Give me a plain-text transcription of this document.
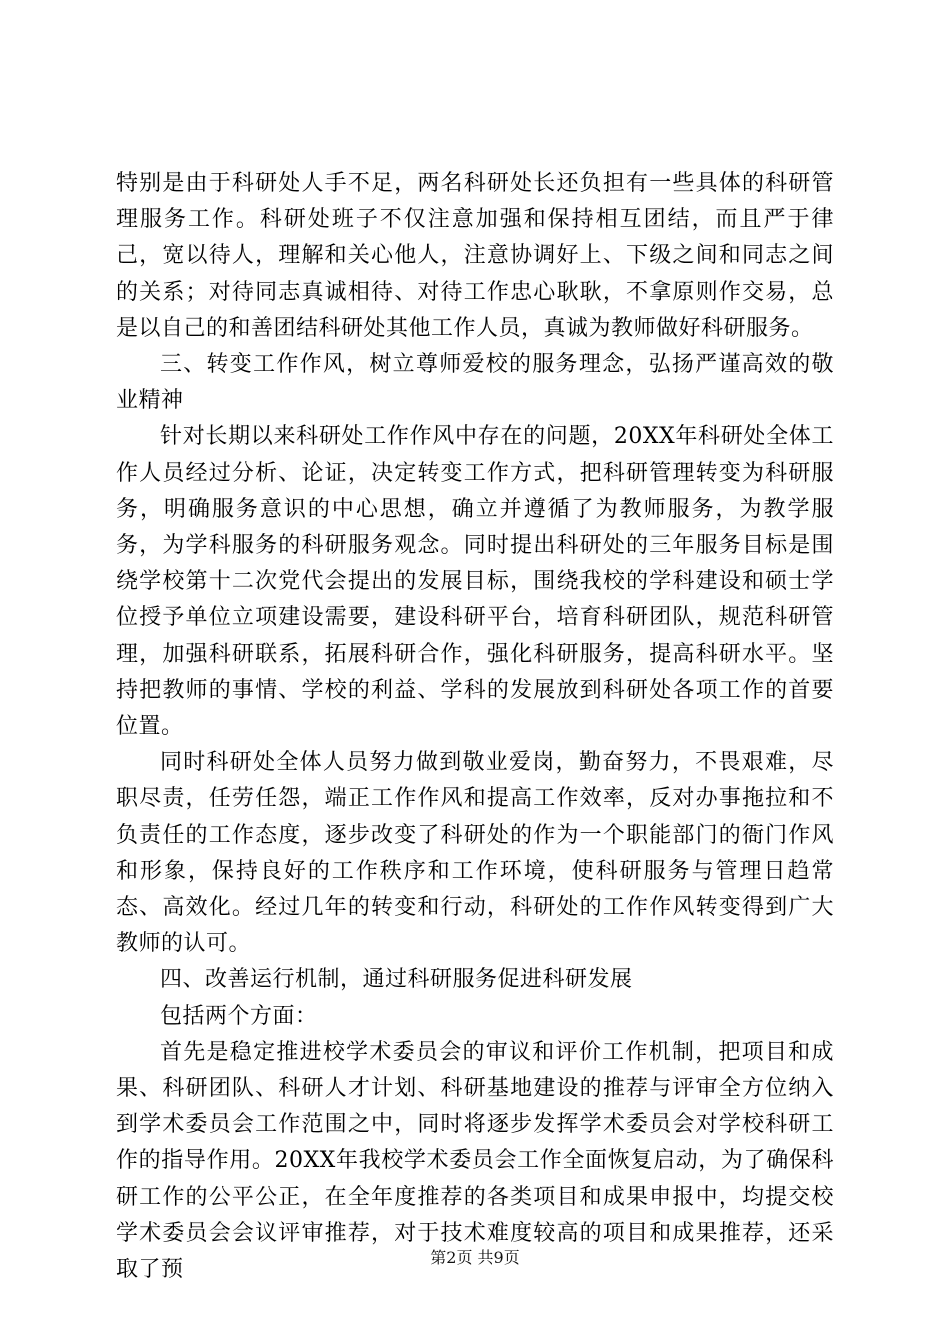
特别是由于科研处人手不足，两名科研处长还负担有一些具体的科研管理服务工作。科研处班子不仅注意加强和保持相互团结，而且严于律己，宽以待人，理解和关心他人，注意协调好上、下级之间和同志之间的关系；对待同志真诚相待、对待工作忠心耿耿，不拿原则作交易，总是以自己的和善团结科研处其他工作人员，真诚为教师做好科研服务。

三、转变工作作风，树立尊师爱校的服务理念，弘扬严谨高效的敬业精神

针对长期以来科研处工作作风中存在的问题，20XX年科研处全体工作人员经过分析、论证，决定转变工作方式，把科研管理转变为科研服务，明确服务意识的中心思想，确立并遵循了为教师服务，为教学服务，为学科服务的科研服务观念。同时提出科研处的三年服务目标是围绕学校第十二次党代会提出的发展目标，围绕我校的学科建设和硕士学位授予单位立项建设需要，建设科研平台，培育科研团队，规范科研管理，加强科研联系，拓展科研合作，强化科研服务，提高科研水平。坚持把教师的事情、学校的利益、学科的发展放到科研处各项工作的首要位置。

同时科研处全体人员努力做到敬业爱岗，勤奋努力，不畏艰难，尽职尽责，任劳任怨，端正工作作风和提高工作效率，反对办事拖拉和不负责任的工作态度，逐步改变了科研处的作为一个职能部门的衙门作风和形象，保持良好的工作秩序和工作环境，使科研服务与管理日趋常态、高效化。经过几年的转变和行动，科研处的工作作风转变得到广大教师的认可。

四、改善运行机制，通过科研服务促进科研发展

包括两个方面：

首先是稳定推进校学术委员会的审议和评价工作机制，把项目和成果、科研团队、科研人才计划、科研基地建设的推荐与评审全方位纳入到学术委员会工作范围之中，同时将逐步发挥学术委员会对学校科研工作的指导作用。20XX年我校学术委员会工作全面恢复启动，为了确保科研工作的公平公正，在全年度推荐的各类项目和成果申报中，均提交校学术委员会会议评审推荐，对于技术难度较高的项目和成果推荐，还采取了预	第2页 共9页
